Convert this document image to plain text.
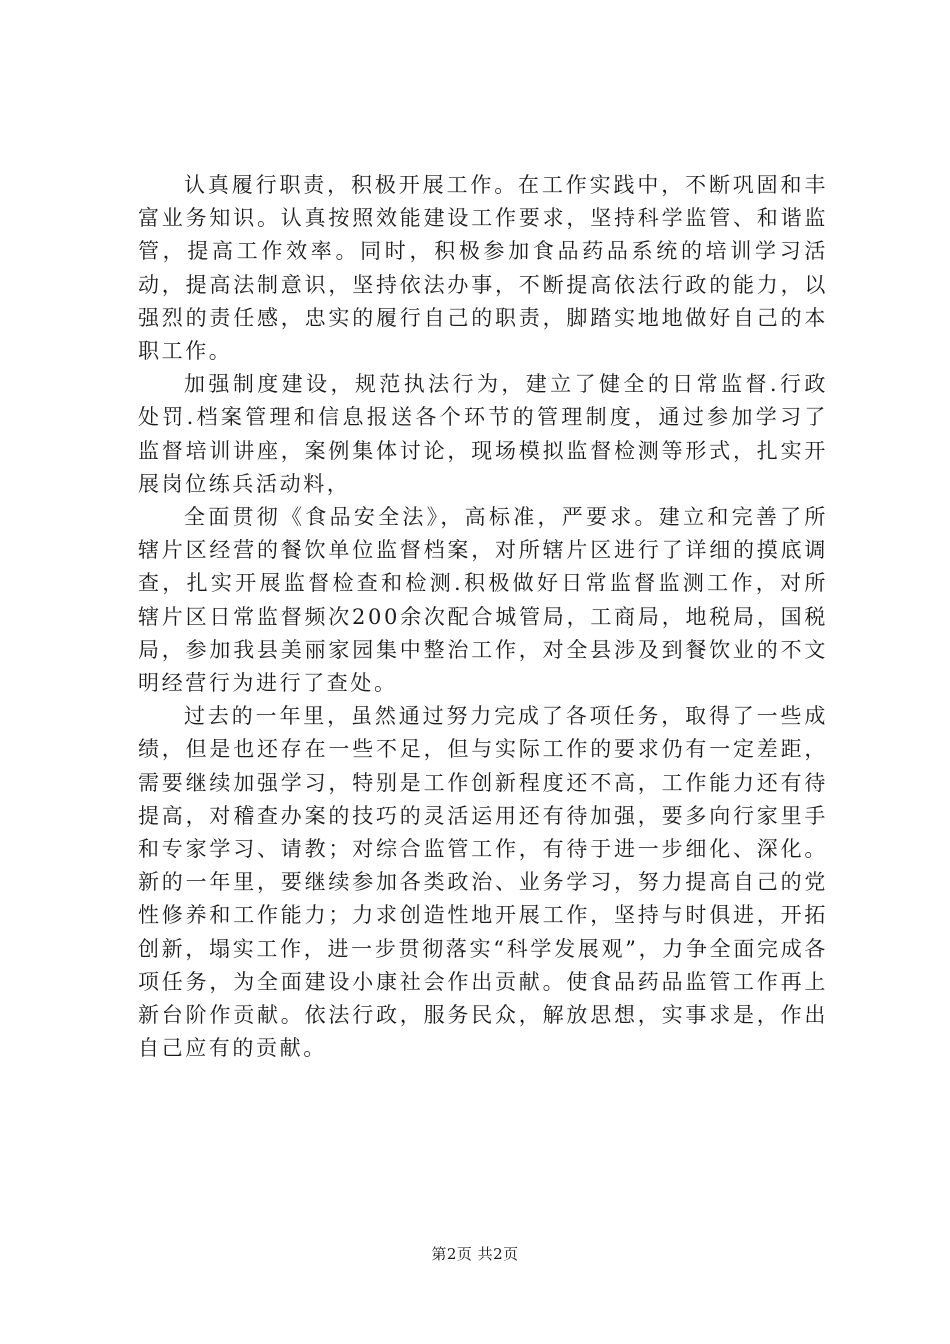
认真履行职责，积极开展工作。在工作实践中，不断巩固和丰富业务知识。认真按照效能建设工作要求，坚持科学监管、和谐监管，提高工作效率。同时，积极参加食品药品系统的培训学习活动，提高法制意识，坚持依法办事，不断提高依法行政的能力，以强烈的责任感，忠实的履行自己的职责，脚踏实地地做好自己的本职工作。

加强制度建设，规范执法行为，建立了健全的日常监督.行政处罚.档案管理和信息报送各个环节的管理制度，通过参加学习了监督培训讲座，案例集体讨论，现场模拟监督检测等形式，扎实开展岗位练兵活动料，

全面贯彻《食品安全法》，高标准，严要求。建立和完善了所辖片区经营的餐饮单位监督档案，对所辖片区进行了详细的摸底调查，扎实开展监督检查和检测.积极做好日常监督监测工作，对所辖片区日常监督频次200余次配合城管局，工商局，地税局，国税局，参加我县美丽家园集中整治工作，对全县涉及到餐饮业的不文明经营行为进行了查处。

过去的一年里，虽然通过努力完成了各项任务，取得了一些成绩，但是也还存在一些不足，但与实际工作的要求仍有一定差距，需要继续加强学习，特别是工作创新程度还不高，工作能力还有待提高，对稽查办案的技巧的灵活运用还有待加强，要多向行家里手和专家学习、请教；对综合监管工作，有待于进一步细化、深化。新的一年里，要继续参加各类政治、业务学习，努力提高自己的党性修养和工作能力；力求创造性地开展工作，坚持与时俱进，开拓创新，塌实工作，进一步贯彻落实“科学发展观”，力争全面完成各项任务，为全面建设小康社会作出贡献。使食品药品监管工作再上新台阶作贡献。依法行政，服务民众，解放思想，实事求是，作出自己应有的贡献。

第2页 共2页
